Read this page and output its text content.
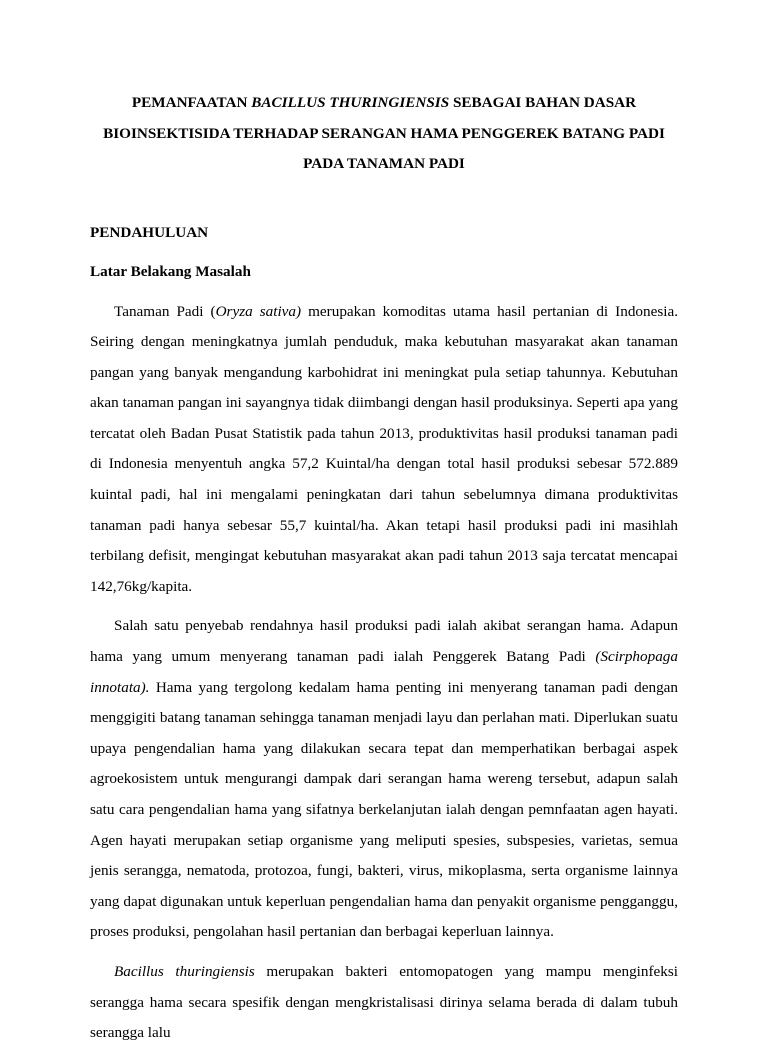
PEMANFAATAN BACILLUS THURINGIENSIS SEBAGAI BAHAN DASAR
BIOINSEKTISIDA TERHADAP SERANGAN HAMA PENGGEREK BATANG PADI
PADA TANAMAN PADI
PENDAHULUAN
Latar Belakang Masalah

Tanaman Padi (Oryza sativa) merupakan komoditas utama hasil pertanian di Indonesia. Seiring dengan meningkatnya jumlah penduduk, maka kebutuhan masyarakat akan tanaman pangan yang banyak mengandung karbohidrat ini meningkat pula setiap tahunnya. Kebutuhan akan tanaman pangan ini sayangnya tidak diimbangi dengan hasil produksinya. Seperti apa yang tercatat oleh Badan Pusat Statistik pada tahun 2013, produktivitas hasil produksi tanaman padi di Indonesia menyentuh angka 57,2 Kuintal/ha dengan total hasil produksi sebesar 572.889 kuintal padi, hal ini mengalami peningkatan dari tahun sebelumnya dimana produktivitas tanaman padi hanya sebesar 55,7 kuintal/ha. Akan tetapi hasil produksi padi ini masihlah terbilang defisit, mengingat kebutuhan masyarakat akan padi tahun 2013 saja tercatat mencapai 142,76kg/kapita.

Salah satu penyebab rendahnya hasil produksi padi ialah akibat serangan hama. Adapun hama yang umum menyerang tanaman padi ialah Penggerek Batang Padi (Scirphopaga innotata). Hama yang tergolong kedalam hama penting ini menyerang tanaman padi dengan menggigiti batang tanaman sehingga tanaman menjadi layu dan perlahan mati. Diperlukan suatu upaya pengendalian hama yang dilakukan secara tepat dan memperhatikan berbagai aspek agroekosistem untuk mengurangi dampak dari serangan hama wereng tersebut, adapun salah satu cara pengendalian hama yang sifatnya berkelanjutan ialah dengan pemnfaatan agen hayati. Agen hayati merupakan setiap organisme yang meliputi spesies, subspesies, varietas, semua jenis serangga, nematoda, protozoa, fungi, bakteri, virus, mikoplasma, serta organisme lainnya yang dapat digunakan untuk keperluan pengendalian hama dan penyakit organisme pengganggu, proses produksi, pengolahan hasil pertanian dan berbagai keperluan lainnya.

Bacillus thuringiensis merupakan bakteri entomopatogen yang mampu menginfeksi serangga hama secara spesifik dengan mengkristalisasi dirinya selama berada di dalam tubuh serangga lalu
